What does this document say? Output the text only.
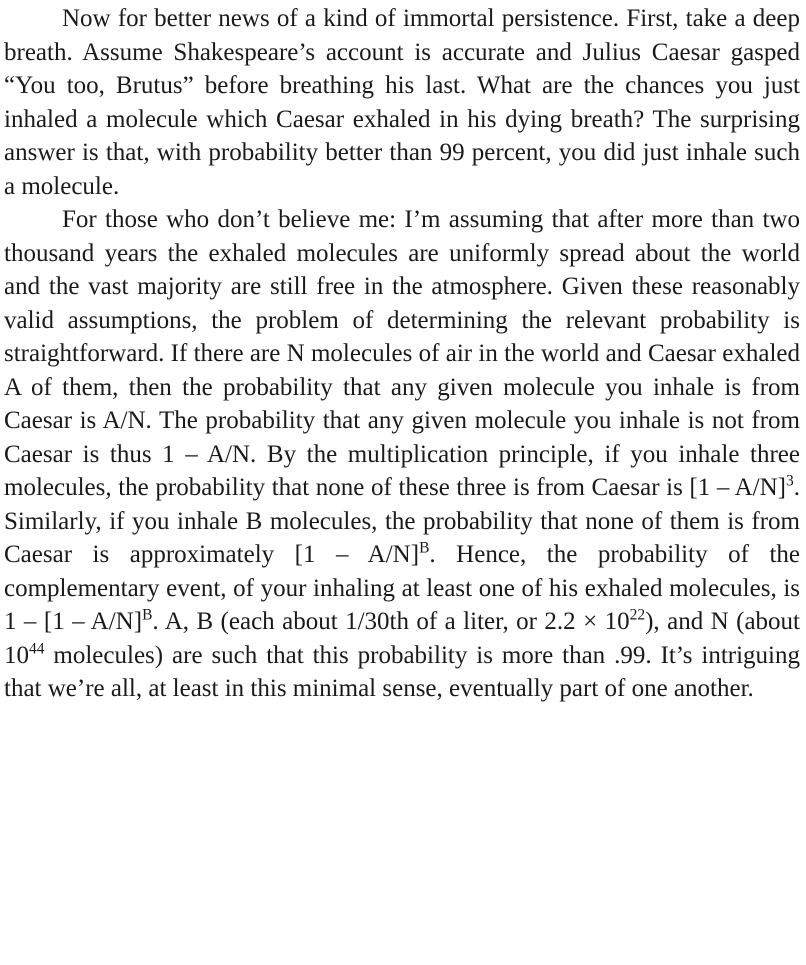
Now for better news of a kind of immortal persistence. First, take a deep breath. Assume Shakespeare’s account is accurate and Julius Caesar gasped “You too, Brutus” before breathing his last. What are the chances you just inhaled a molecule which Caesar exhaled in his dying breath? The surprising answer is that, with probability better than 99 percent, you did just inhale such a molecule.

For those who don’t believe me: I’m assuming that after more than two thousand years the exhaled molecules are uniformly spread about the world and the vast majority are still free in the atmosphere. Given these reasonably valid assumptions, the problem of determining the relevant probability is straightforward. If there are N molecules of air in the world and Caesar exhaled A of them, then the probability that any given molecule you inhale is from Caesar is A/N. The probability that any given molecule you inhale is not from Caesar is thus 1 – A/N. By the multiplication principle, if you inhale three molecules, the probability that none of these three is from Caesar is [1 – A/N]$^3$. Similarly, if you inhale B molecules, the probability that none of them is from Caesar is approximately [1 – A/N]$^B$. Hence, the probability of the complementary event, of your inhaling at least one of his exhaled molecules, is 1 – [1 – A/N]$^B$. A, B (each about 1/30th of a liter, or $2.2 \times 10^{22}$), and N (about $10^{44}$ molecules) are such that this probability is more than .99. It’s intriguing that we’re all, at least in this minimal sense, eventually part of one another.
